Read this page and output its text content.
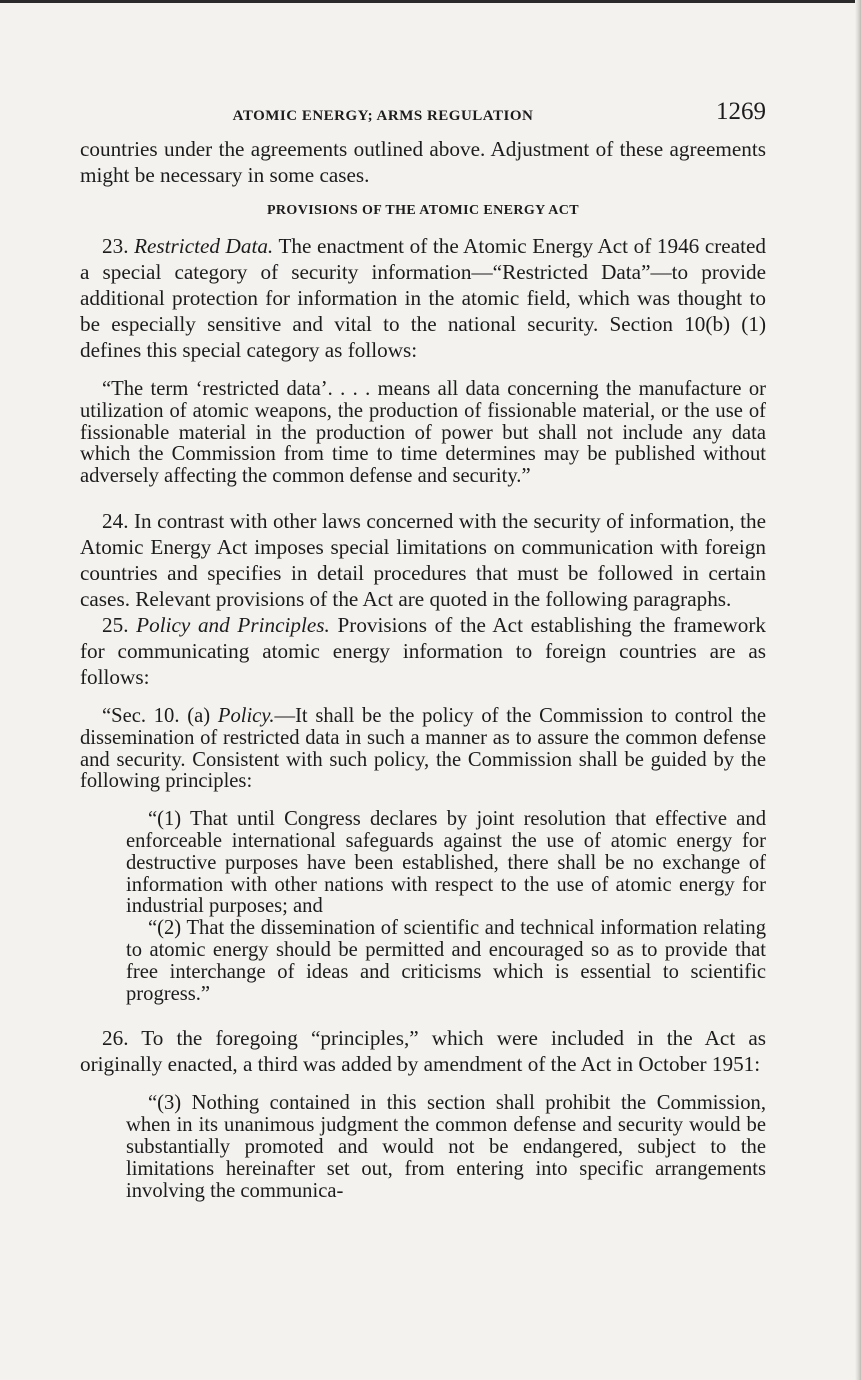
ATOMIC ENERGY; ARMS REGULATION	1269

countries under the agreements outlined above. Adjustment of these agreements might be necessary in some cases.

PROVISIONS OF THE ATOMIC ENERGY ACT

23. Restricted Data. The enactment of the Atomic Energy Act of 1946 created a special category of security information—“Restricted Data”—to provide additional protection for information in the atomic field, which was thought to be especially sensitive and vital to the national security. Section 10(b) (1) defines this special category as follows:

“The term ‘restricted data’. . . . means all data concerning the manufacture or utilization of atomic weapons, the production of fissionable material, or the use of fissionable material in the production of power but shall not include any data which the Commission from time to time determines may be published without adversely affecting the common defense and security.”

24. In contrast with other laws concerned with the security of information, the Atomic Energy Act imposes special limitations on communication with foreign countries and specifies in detail procedures that must be followed in certain cases. Relevant provisions of the Act are quoted in the following paragraphs.

25. Policy and Principles. Provisions of the Act establishing the framework for communicating atomic energy information to foreign countries are as follows:

“Sec. 10. (a) Policy.—It shall be the policy of the Commission to control the dissemination of restricted data in such a manner as to assure the common defense and security. Consistent with such policy, the Commission shall be guided by the following principles:

“(1) That until Congress declares by joint resolution that effective and enforceable international safeguards against the use of atomic energy for destructive purposes have been established, there shall be no exchange of information with other nations with respect to the use of atomic energy for industrial purposes; and

“(2) That the dissemination of scientific and technical information relating to atomic energy should be permitted and encouraged so as to provide that free interchange of ideas and criticisms which is essential to scientific progress.”

26. To the foregoing “principles,” which were included in the Act as originally enacted, a third was added by amendment of the Act in October 1951:

“(3) Nothing contained in this section shall prohibit the Commission, when in its unanimous judgment the common defense and security would be substantially promoted and would not be endangered, subject to the limitations hereinafter set out, from entering into specific arrangements involving the communica-
